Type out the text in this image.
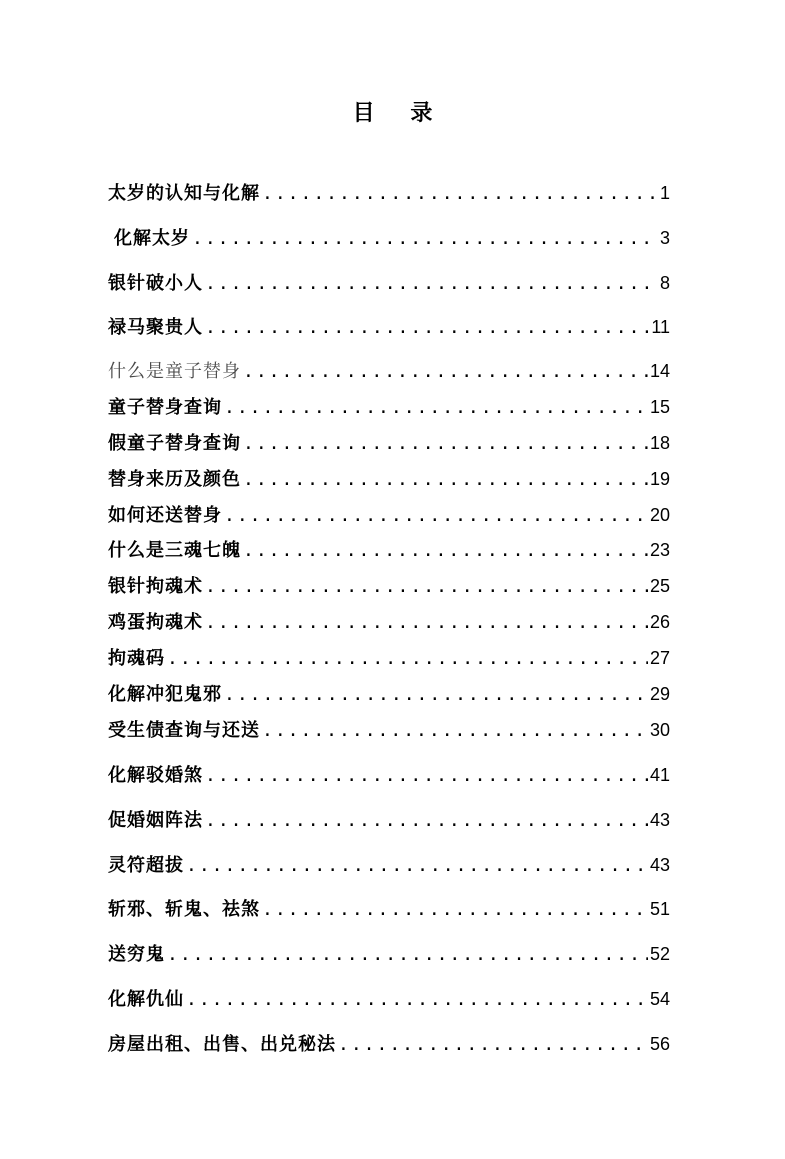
目 录
太岁的认知与化解 .....	1
化解太岁 .....	3
银针破小人 .....	8
禄马聚贵人 .....	11
什么是童子替身 .....	14
童子替身查询 .....	15
假童子替身查询 .....	18
替身来历及颜色 .....	19
如何还送替身 .....	20
什么是三魂七魄 .....	23
银针拘魂术 .....	25
鸡蛋拘魂术 .....	26
拘魂码 .....	27
化解冲犯鬼邪 .....	29
受生债查询与还送 .....	30
化解驳婚煞 .....	41
促婚姻阵法 .....	43
灵符超拔 .....	43
斩邪、斩鬼、祛煞 .....	51
送穷鬼 .....	52
化解仇仙 .....	54
房屋出租、出售、出兑秘法 .....	56
